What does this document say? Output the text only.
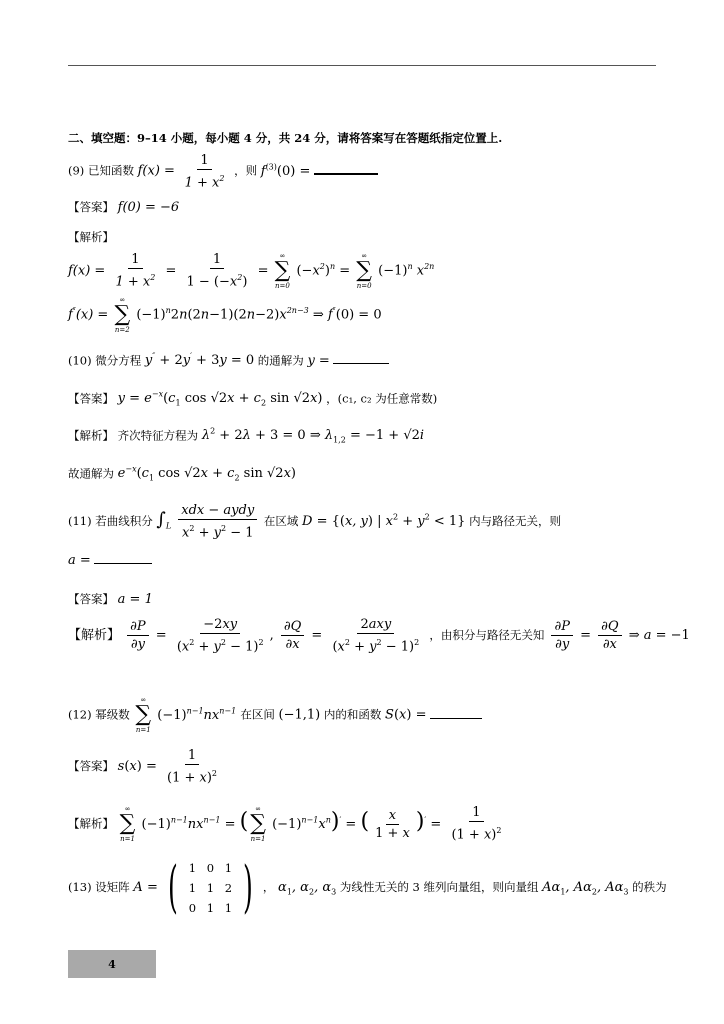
二、填空题：9–14 小题，每小题 4 分，共 24 分，请将答案写在答题纸指定位置上.
(9) 已知函数 $f(x) = \frac{1}{1 + x^2}$ ，则 $f^{(3)}(0)$ =
【答案】 f(0) = −6
【解析】
$f(x) = \frac{1}{1 + x^2} = \frac{1}{1 - (-x^2)}$ =
∞
∑
n=0
$(-x^2)^n$ =
∞
∑
n=0
$(-1)^n$ $x^{2n}$
f″(x) =
∞
∑
n=2
$(-1)^n2n(2n-1)(2n-2)x^{2n-3}$ ⇒ f″(0) = 0
(10) 微分方程 y″ + 2y′ + 3y = 0 的通解为 y =
【答案】 $y = e^{-x}(c_1$ $\cos √2x + c_2$ sin √2x) ，(c₁, c₂ 为任意常数)
【解析】 齐次特征方程为 $\lambda^2 + 2\lambda + 3 = 0$ ⇒ $\lambda_{1,2} = -1 + √2i$
故通解为 $e^{-x}(c_1$ $\cos √2x + c_2$ sin √2x)
(11) 若曲线积分 $\int_L \frac{\text{xdx − aydy}}{x^2 + y^2 - 1}$ 在区域 D = {(x, y) | $x^2 + y^2 < 1$} 内与路径无关，则
a =
【答案】 a = 1
【解析】 $\frac{\partial P}{\partial y} = \frac{-2xy}{(x^2 + y^2 - 1)^2}$ , $\frac{\partial Q}{\partial x} = \frac{\text{2axy}}{(x^2 + y^2 - 1)^2}$ ，由积分与路径无关知 $\frac{\partial P}{\partial y} = \frac{\partial Q}{\partial x}$ ⇒ a = −1
(12) 幂级数
∞
∑
n=1
$(-1)^{n-1}nx^{n-1}$ 在区间 (−1,1) 内的和函数 S(x) =
【答案】 $s(x) = \frac{1}{(1 + x)^2}$
【解析】
∞
∑
n=1
$(-1)^{n-1}nx^{n-1}$ = ( ∞
∑
n=1
$(-1)^{n-1}x^n)'$ = ( $\frac{x}{1 + x} )' = \frac{1}{(1 + x)^2}$
(13) 设矩阵 A = ( 1 0 1
1 1 2
0 1 1 ) ， $\alpha_1$, $\alpha_2$, $\alpha_3$ 为线性无关的 3 维列向量组，则向量组 $A\alpha_1$, $A\alpha_2$, $A\alpha_3$ 的秩为
4
